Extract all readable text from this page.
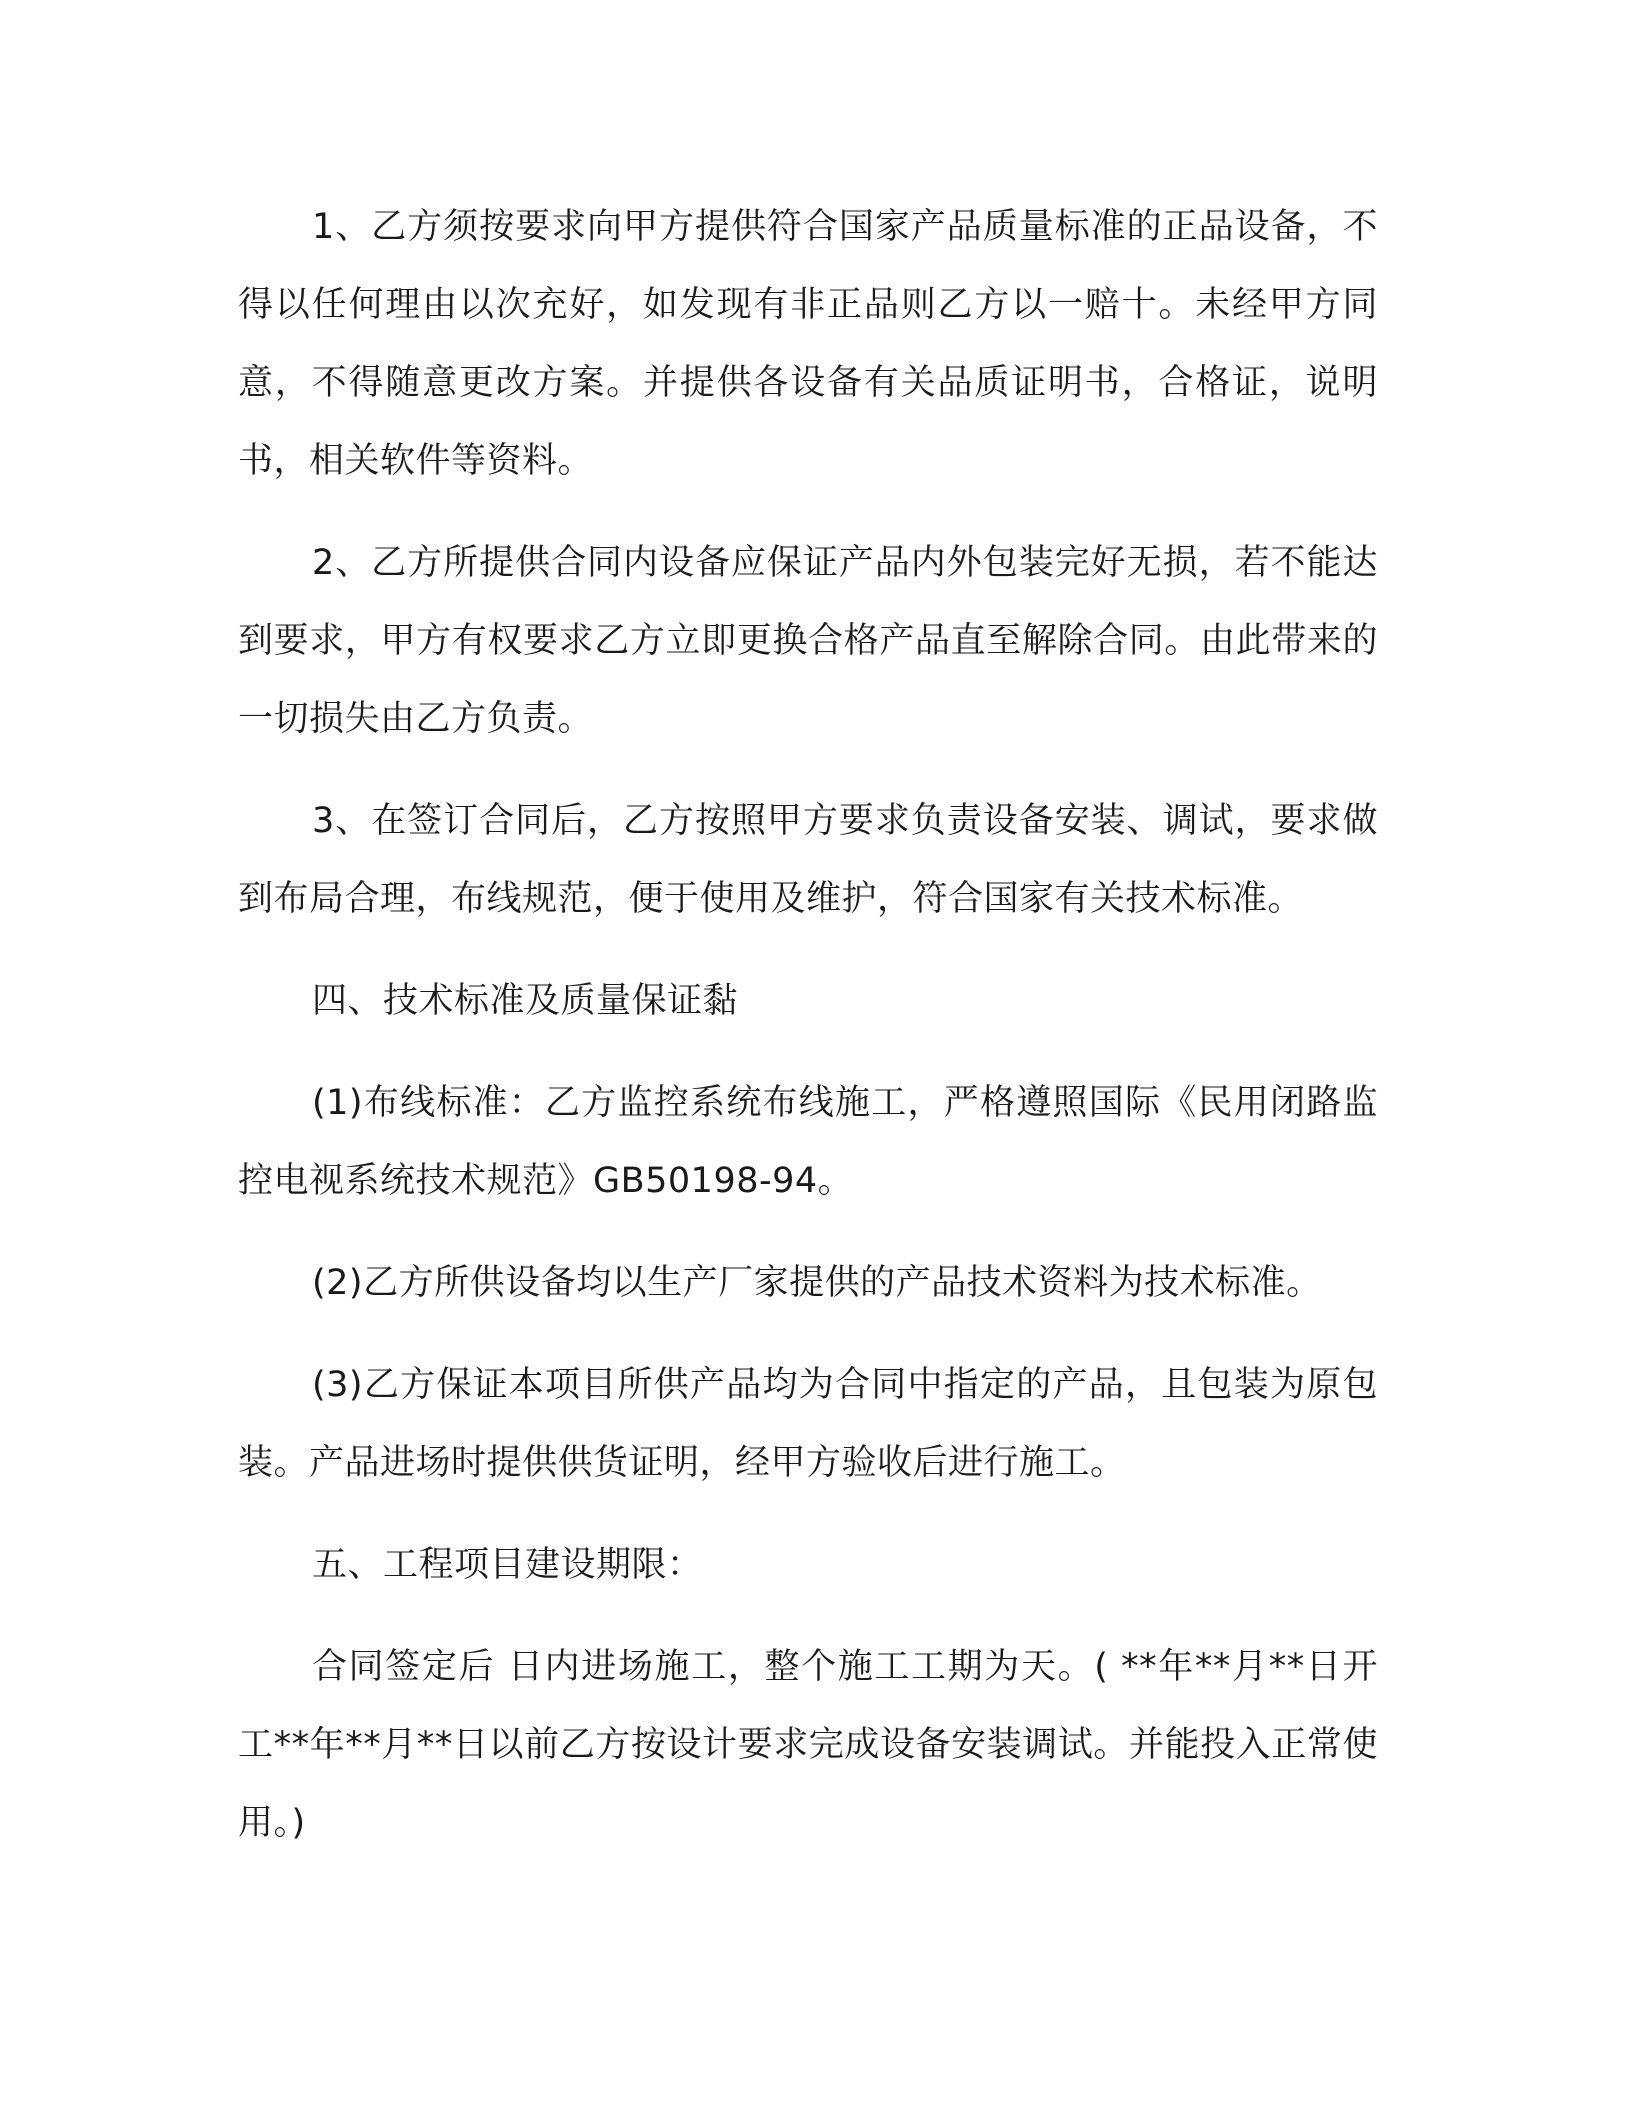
1、乙方须按要求向甲方提供符合国家产品质量标准的正品设备，不得以任何理由以次充好，如发现有非正品则乙方以一赔十。未经甲方同意，不得随意更改方案。并提供各设备有关品质证明书，合格证，说明书，相关软件等资料。

2、乙方所提供合同内设备应保证产品内外包装完好无损，若不能达到要求，甲方有权要求乙方立即更换合格产品直至解除合同。由此带来的一切损失由乙方负责。

3、在签订合同后，乙方按照甲方要求负责设备安装、调试，要求做到布局合理，布线规范，便于使用及维护，符合国家有关技术标准。

四、技术标准及质量保证黏

(1)布线标准：乙方监控系统布线施工，严格遵照国际《民用闭路监控电视系统技术规范》GB50198-94。

(2)乙方所供设备均以生产厂家提供的产品技术资料为技术标准。

(3)乙方保证本项目所供产品均为合同中指定的产品，且包装为原包装。产品进场时提供供货证明，经甲方验收后进行施工。

五、工程项目建设期限：

合同签定后 日内进场施工，整个施工工期为天。( **年**月**日开工**年**月**日以前乙方按设计要求完成设备安装调试。并能投入正常使用。)
